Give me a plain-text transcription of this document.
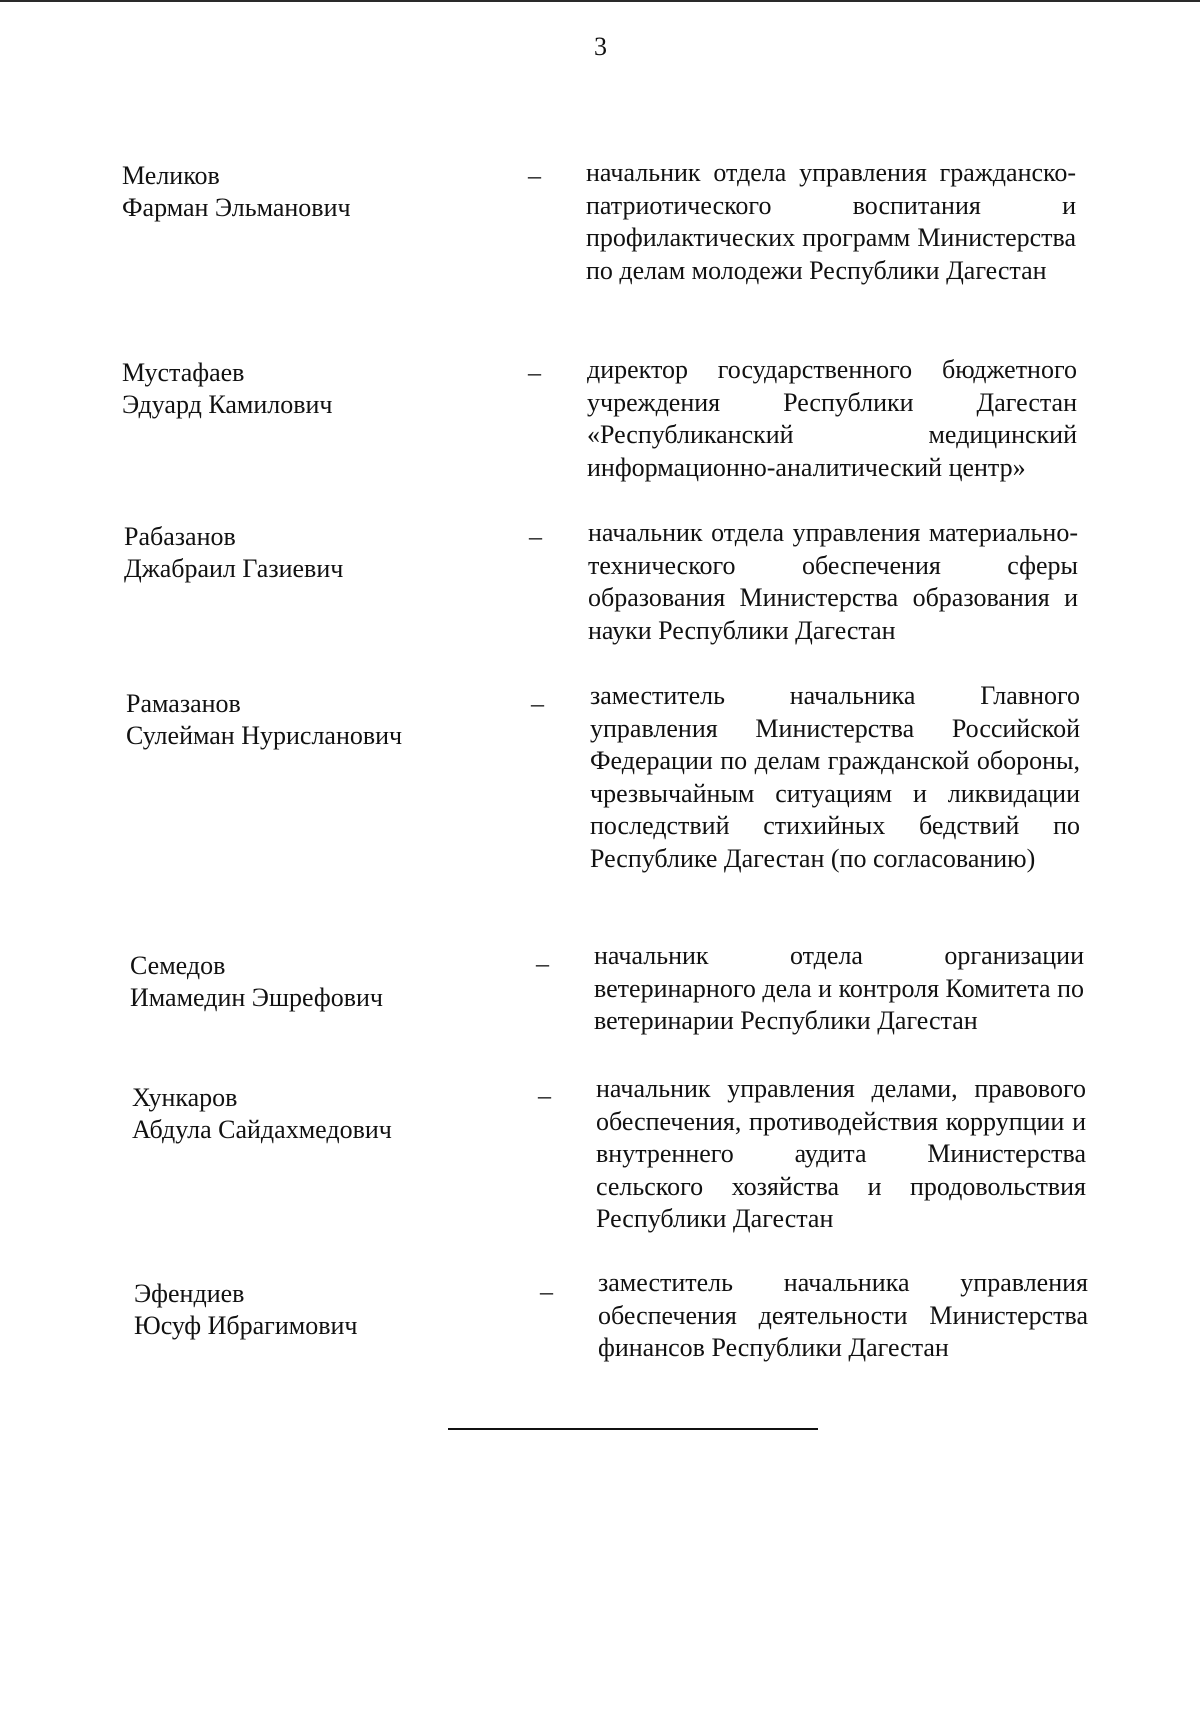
3
Меликов
Фарман Эльманович
– начальник отдела управления гражданско-патриотического воспитания и профилактических программ Министерства по делам молодежи Республики Дагестан
Мустафаев
Эдуард Камилович
– директор государственного бюджетного учреждения Республики Дагестан «Республиканский медицинский информационно-аналитический центр»
Рабазанов
Джабраил Газиевич
– начальник отдела управления материально-технического обеспечения сферы образования Министерства образования и науки Республики Дагестан
Рамазанов
Сулейман Нурисланович
– заместитель начальника Главного управления Министерства Российской Федерации по делам гражданской обороны, чрезвычайным ситуациям и ликвидации последствий стихийных бедствий по Республике Дагестан (по согласованию)
Семедов
Имамедин Эшрефович
– начальник отдела организации ветеринарного дела и контроля Комитета по ветеринарии Республики Дагестан
Хункаров
Абдула Сайдахмедович
– начальник управления делами, правового обеспечения, противодействия коррупции и внутреннего аудита Министерства сельского хозяйства и продовольствия Республики Дагестан
Эфендиев
Юсуф Ибрагимович
– заместитель начальника управления обеспечения деятельности Министерства финансов Республики Дагестан
